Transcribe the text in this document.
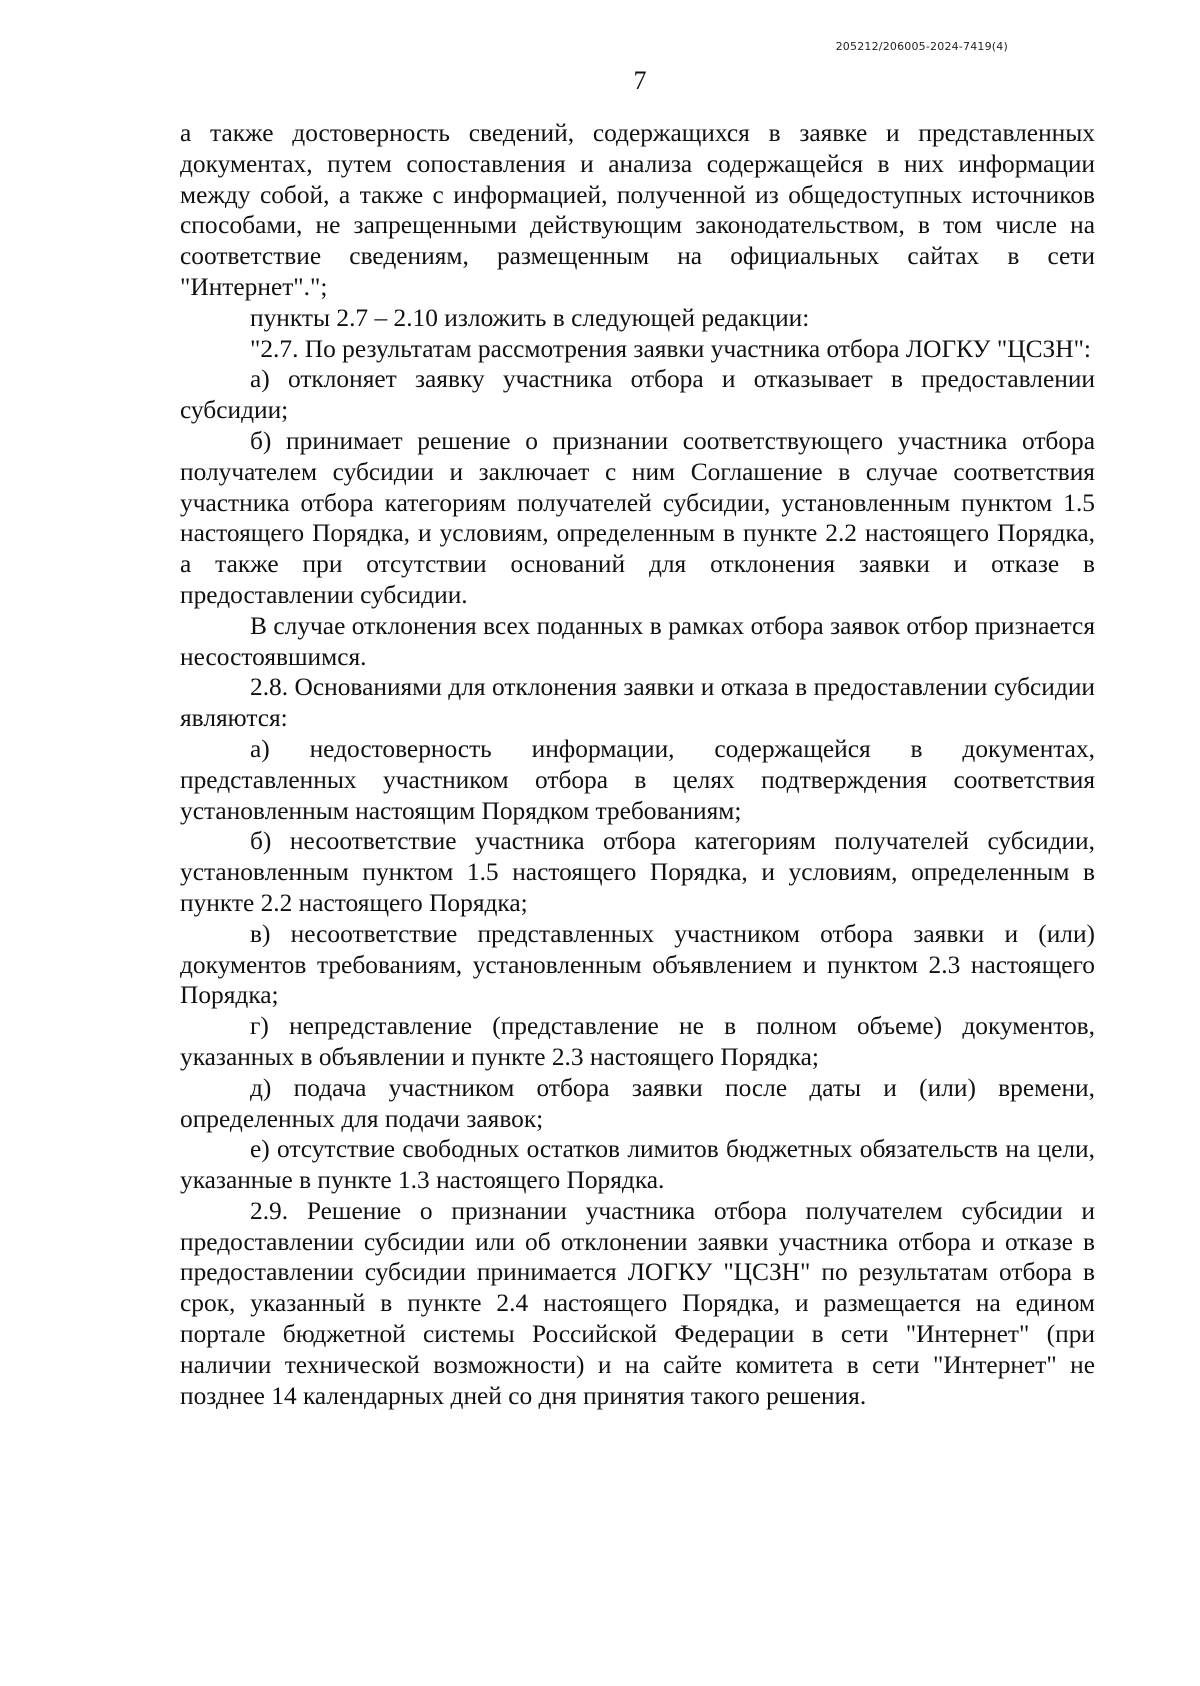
205212/206005-2024-7419(4)
7

а также достоверность сведений, содержащихся в заявке и представленных документах, путем сопоставления и анализа содержащейся в них информации между собой, а также с информацией, полученной из общедоступных источников способами, не запрещенными действующим законодательством, в том числе на соответствие сведениям, размещенным на официальных сайтах в сети "Интернет".";

пункты 2.7 – 2.10 изложить в следующей редакции:

"2.7. По результатам рассмотрения заявки участника отбора ЛОГКУ "ЦСЗН":

а) отклоняет заявку участника отбора и отказывает в предоставлении субсидии;

б) принимает решение о признании соответствующего участника отбора получателем субсидии и заключает с ним Соглашение в случае соответствия участника отбора категориям получателей субсидии, установленным пунктом 1.5 настоящего Порядка, и условиям, определенным в пункте 2.2 настоящего Порядка, а также при отсутствии оснований для отклонения заявки и отказе в предоставлении субсидии.

В случае отклонения всех поданных в рамках отбора заявок отбор признается несостоявшимся.

2.8. Основаниями для отклонения заявки и отказа в предоставлении субсидии являются:

а) недостоверность информации, содержащейся в документах, представленных участником отбора в целях подтверждения соответствия установленным настоящим Порядком требованиям;

б) несоответствие участника отбора категориям получателей субсидии, установленным пунктом 1.5 настоящего Порядка, и условиям, определенным в пункте 2.2 настоящего Порядка;

в) несоответствие представленных участником отбора заявки и (или) документов требованиям, установленным объявлением и пунктом 2.3 настоящего Порядка;

г) непредставление (представление не в полном объеме) документов, указанных в объявлении и пункте 2.3 настоящего Порядка;

д) подача участником отбора заявки после даты и (или) времени, определенных для подачи заявок;

е) отсутствие свободных остатков лимитов бюджетных обязательств на цели, указанные в пункте 1.3 настоящего Порядка.

2.9. Решение о признании участника отбора получателем субсидии и предоставлении субсидии или об отклонении заявки участника отбора и отказе в предоставлении субсидии принимается ЛОГКУ "ЦСЗН" по результатам отбора в срок, указанный в пункте 2.4 настоящего Порядка, и размещается на едином портале бюджетной системы Российской Федерации в сети "Интернет" (при наличии технической возможности) и на сайте комитета в сети "Интернет" не позднее 14 календарных дней со дня принятия такого решения.
